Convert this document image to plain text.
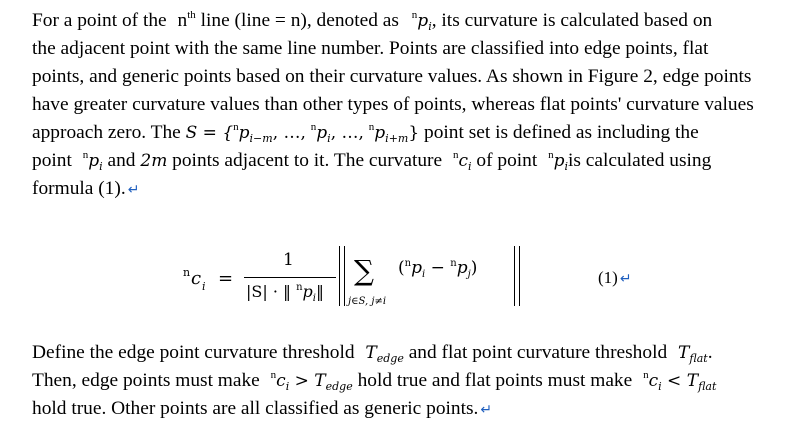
For a point of the $n^{th}$ line (line = n), denoted as $^np_i$, its curvature is calculated based on
the adjacent point with the same line number. Points are classified into edge points, flat
points, and generic points based on their curvature values. As shown in Figure 2, edge points
have greater curvature values than other types of points, whereas flat points' curvature values
approach zero. The $S = \{^np_{i-m}$, …, $^np_i$, …, $^np_{i+m}$} point set is defined as including the
point $^np_i$ and 2m points adjacent to it. The curvature $^nc_i$ of point $^np_iis$ calculated using
formula (1). ↵
n c i =
1
|S| · ‖ $^np_i‖$
∑
j∈S, j≠i
$(^np_i - ^np_j)$	(1) ↵
Define the edge point curvature threshold $T_{edge}$ and flat point curvature threshold $T_{flat}$.
Then, edge points must make $^nc_i > T_{edge}$ hold true and flat points must make $^nc_i < T_{flat}$
hold true. Other points are all classified as generic points. ↵
